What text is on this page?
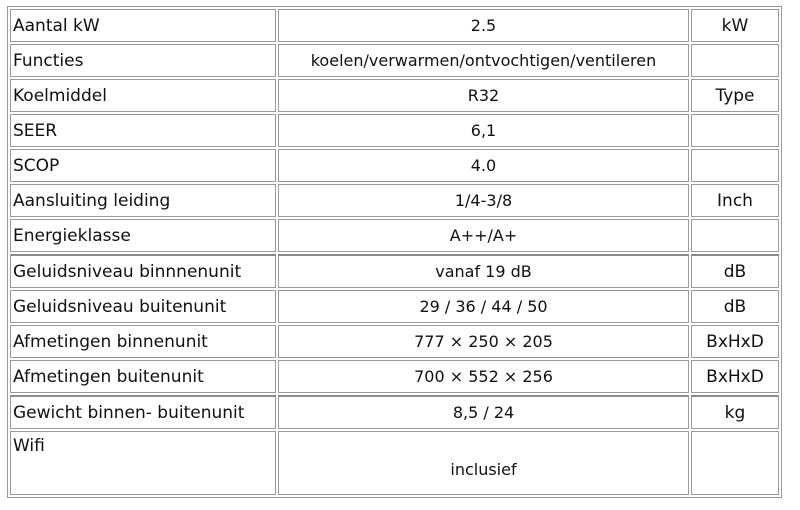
Aantal kW	2.5	kW
Functies	koelen/verwarmen/ontvochtigen/ventileren	
Koelmiddel	R32	Type
SEER	6,1	
SCOP	4.0	
Aansluiting leiding	1/4-3/8	Inch
Energieklasse	A++/A+	
Geluidsniveau binnnenunit	vanaf 19 dB	dB
Geluidsniveau buitenunit	29 / 36 / 44 / 50	dB
Afmetingen binnenunit	777 × 250 × 205	BxHxD
Afmetingen buitenunit	700 × 552 × 256	BxHxD
Gewicht binnen- buitenunit	8,5 / 24	kg
Wifi	inclusief	
